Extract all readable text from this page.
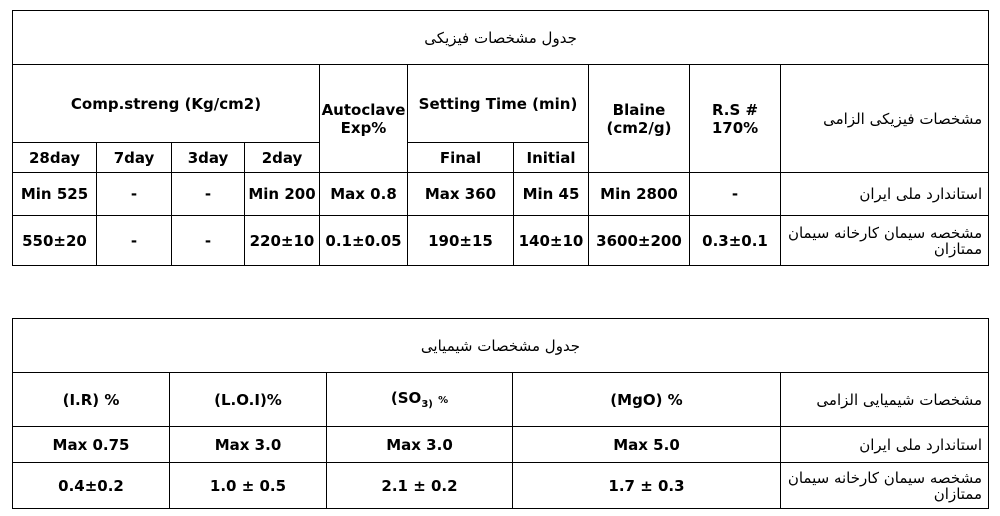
جدول مشخصات فیزیکی									
Comp.streng (Kg/cm2)				Autoclave Exp%	Setting Time (min)		Blaine (cm2/g)	R.S # 170%	مشخصات فیزیکی الزامی
28day	7day	3day	2day		Final	Initial			
Min 525	-	-	Min 200	Max 0.8	Max 360	Min 45	Min 2800	-	استاندارد ملی ایران
550±20	-	-	220±10	0.1±0.05	190±15	140±10	3600±200	0.3±0.1	مشخصه سیمان کارخانه سیمان ممتازان
جدول مشخصات شیمیایی				
(I.R) %	(L.O.I)%	($SO_{3)}$ %	(MgO) %	مشخصات شیمیایی الزامی
Max 0.75	Max 3.0	Max 3.0	Max 5.0	استاندارد ملی ایران
0.4±0.2	1.0 ± 0.5	2.1 ± 0.2	1.7 ± 0.3	مشخصه سیمان کارخانه سیمان ممتازان
